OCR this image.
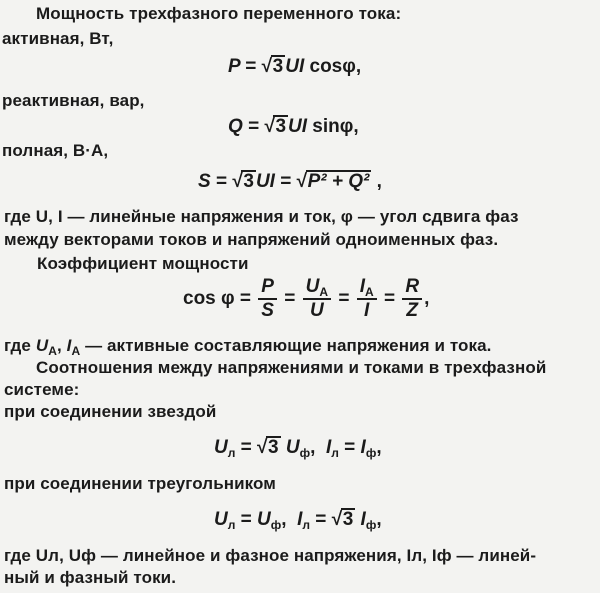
Мощность трехфазного переменного тока:
активная, Вт,
P = √ 3 UI cosφ,
реактивная, вар,
Q = √ 3 UI sinφ,
полная, В·А,
S = √ 3 UI = √ P² + Q² ,
где U, I — линейные напряжения и ток, φ — угол сдвига фаз
между векторами токов и напряжений одноименных фаз.
Коэффициент мощности
$\cos \varphi = \frac{P}{S} = \frac{U_А}{U} = \frac{I_А}{I} = \frac{R}{Z}$ ,
где $U_А$, $I_А$ — активные составляющие напряжения и тока.
Соотношения между напряжениями и токами в трехфазной
системе:
при соединении звездой
$U_л$ = √ 3 $U_ф$,  $I_л = I_ф$,
при соединении треугольником
$U_л = U_ф$,  $I_л$ = √ 3 $I_ф$,
где Uл, Uф — линейное и фазное напряжения, Iл, Iф — линей-
ный и фазный токи.
